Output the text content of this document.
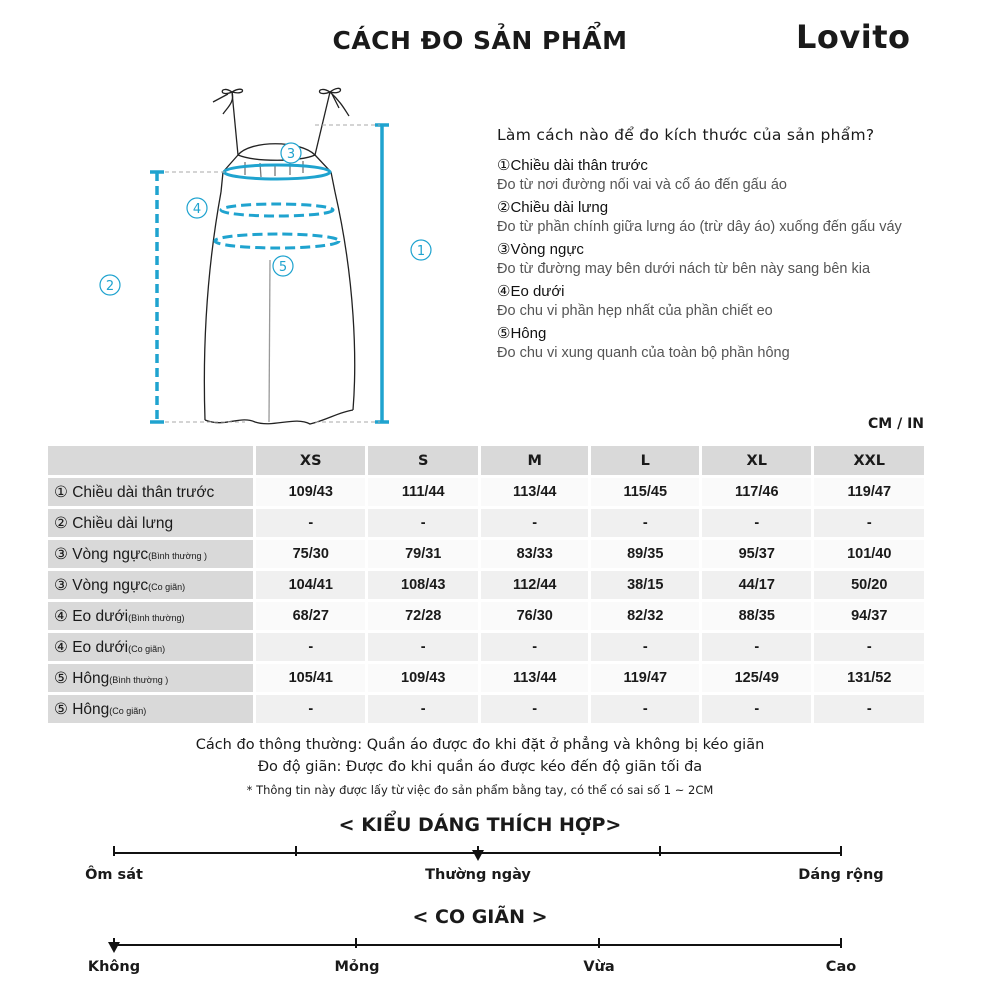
CÁCH ĐO SẢN PHẨM	Lovito
1
2
3
4
5
Làm cách nào để đo kích thước của sản phẩm?
①Chiều dài thân trước
Đo từ nơi đường nối vai và cổ áo đến gấu áo
②Chiều dài lưng
Đo từ phần chính giữa lưng áo (trừ dây áo) xuống đến gấu váy
③Vòng ngực
Đo từ đường may bên dưới nách từ bên này sang bên kia
④Eo dưới
Đo chu vi phần hẹp nhất của phần chiết eo
⑤Hông
Đo chu vi xung quanh của toàn bộ phần hông
CM / IN
	XS	S	M	L	XL	XXL
① Chiều dài thân trước	109/43	111/44	113/44	115/45	117/46	119/47
② Chiều dài lưng	-	-	-	-	-	-
③ Vòng ngực(Bình thường )	75/30	79/31	83/33	89/35	95/37	101/40
③ Vòng ngực(Co giãn)	104/41	108/43	112/44	38/15	44/17	50/20
④ Eo dưới(Bình thường)	68/27	72/28	76/30	82/32	88/35	94/37
④ Eo dưới(Co giãn)	-	-	-	-	-	-
⑤ Hông(Bình thường )	105/41	109/43	113/44	119/47	125/49	131/52
⑤ Hông(Co giãn)	-	-	-	-	-	-
Cách đo thông thường: Quần áo được đo khi đặt ở phẳng và không bị kéo giãn
Đo độ giãn: Được đo khi quần áo được kéo đến độ giãn tối đa
* Thông tin này được lấy từ việc đo sản phẩm bằng tay, có thể có sai số 1 ~ 2CM
< KIỂU DÁNG THÍCH HỢP>
Ôm sát	Thường ngày	Dáng rộng
< CO GIÃN >
Không	Mỏng	Vừa	Cao
